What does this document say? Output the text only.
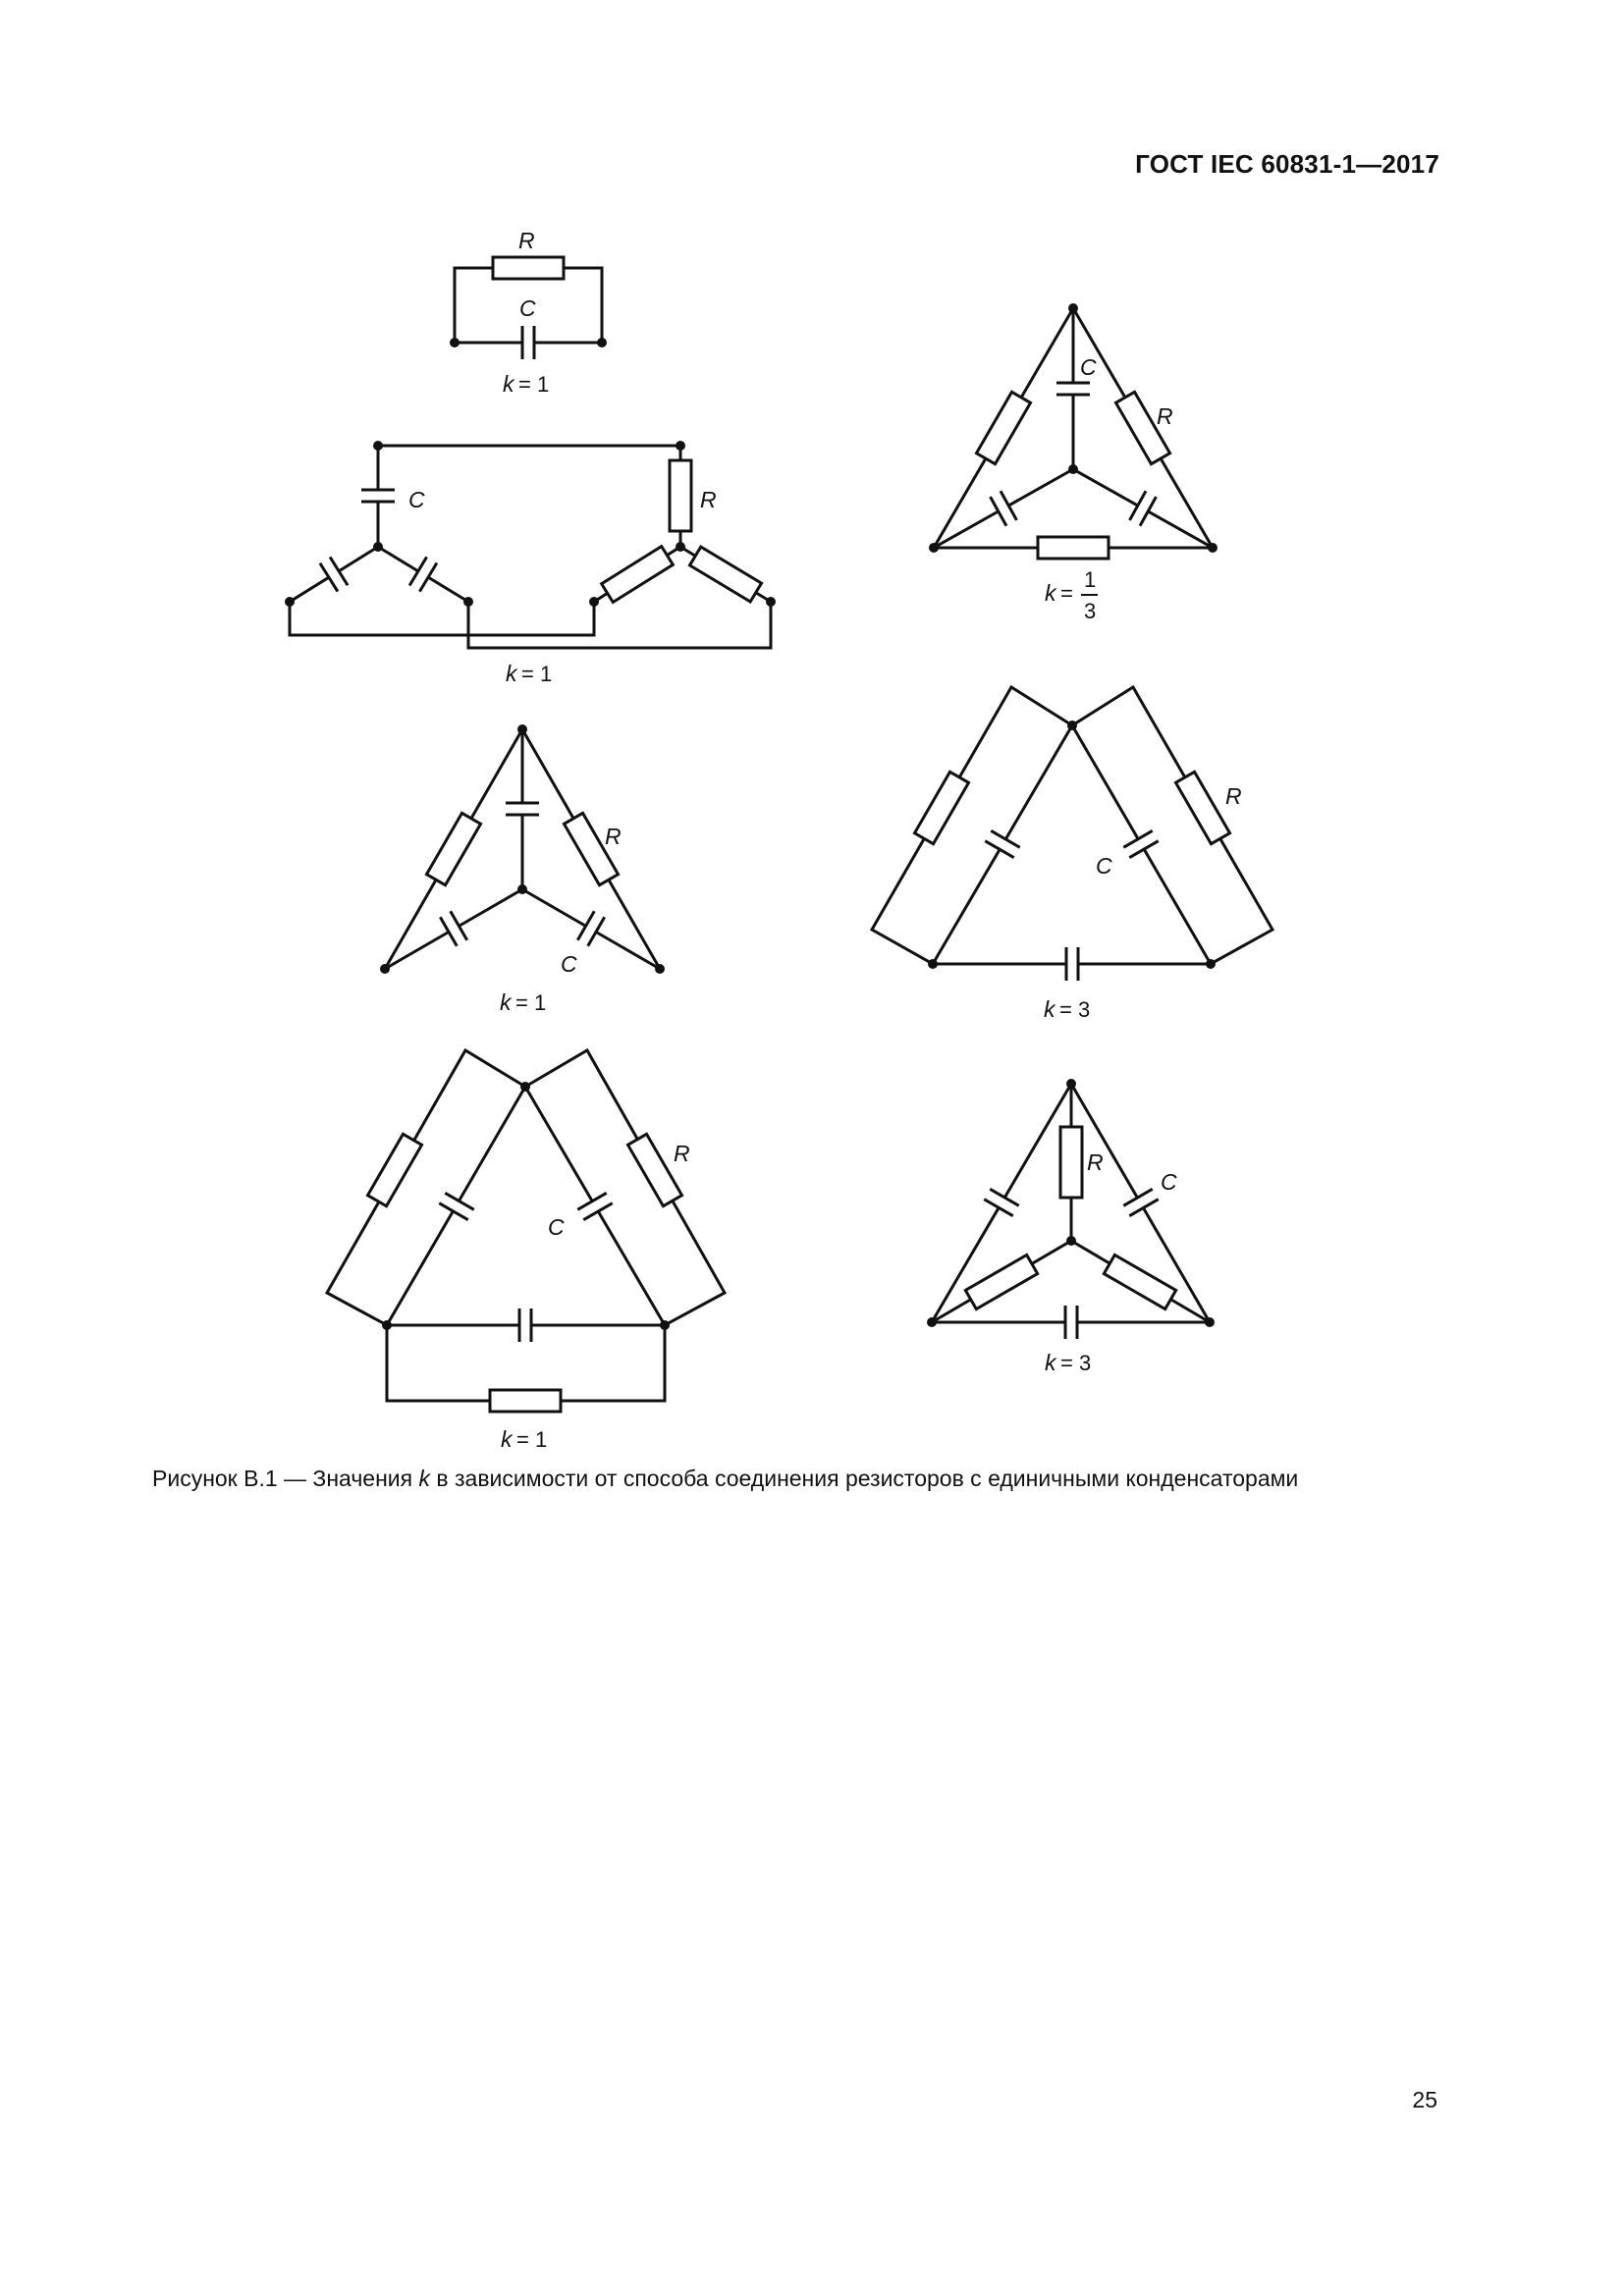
ГОСТ IEC 60831-1—2017
R
C
k = 1
C	R
k = 1
C
R
k =
1
3
R
C
k = 1
R
C
k = 3
R
C
k = 1
R
C
k = 3
Рисунок В.1 — Значения k в зависимости от способа соединения резисторов с единичными конденсаторами
25
